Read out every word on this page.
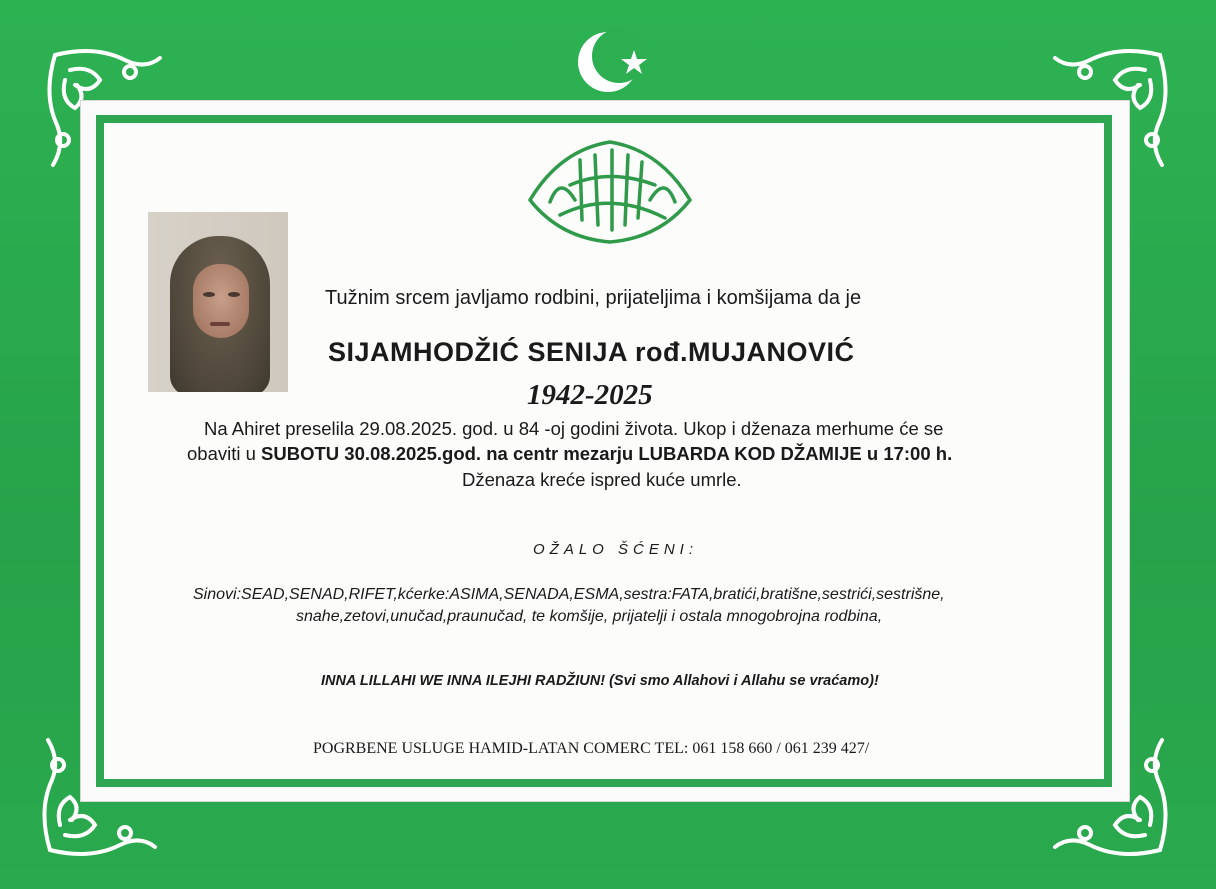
Tužnim srcem javljamo rodbini, prijateljima i komšijama da je
SIJAMHODŽIĆ SENIJA rođ.MUJANOVIĆ
1942-2025
Na Ahiret preselila 29.08.2025. god. u 84 -oj godini života. Ukop i dženaza merhume će se
obaviti u SUBOTU 30.08.2025.god. na centr mezarju LUBARDA KOD DŽAMIJE u 17:00 h.
Dženaza kreće ispred kuće umrle.
OŽALO ŠĆENI:
Sinovi:SEAD,SENAD,RIFET,kćerke:ASIMA,SENADA,ESMA,sestra:FATA,bratići,bratišne,sestrići,sestrišne,
snahe,zetovi,unučad,praunučad, te komšije, prijatelji i ostala mnogobrojna rodbina,
INNA LILLAHI WE INNA ILEJHI RADŽIUN! (Svi smo Allahovi i Allahu se vraćamo)!
POGRBENE USLUGE HAMID-LATAN COMERC TEL: 061 158 660 / 061 239 427/
